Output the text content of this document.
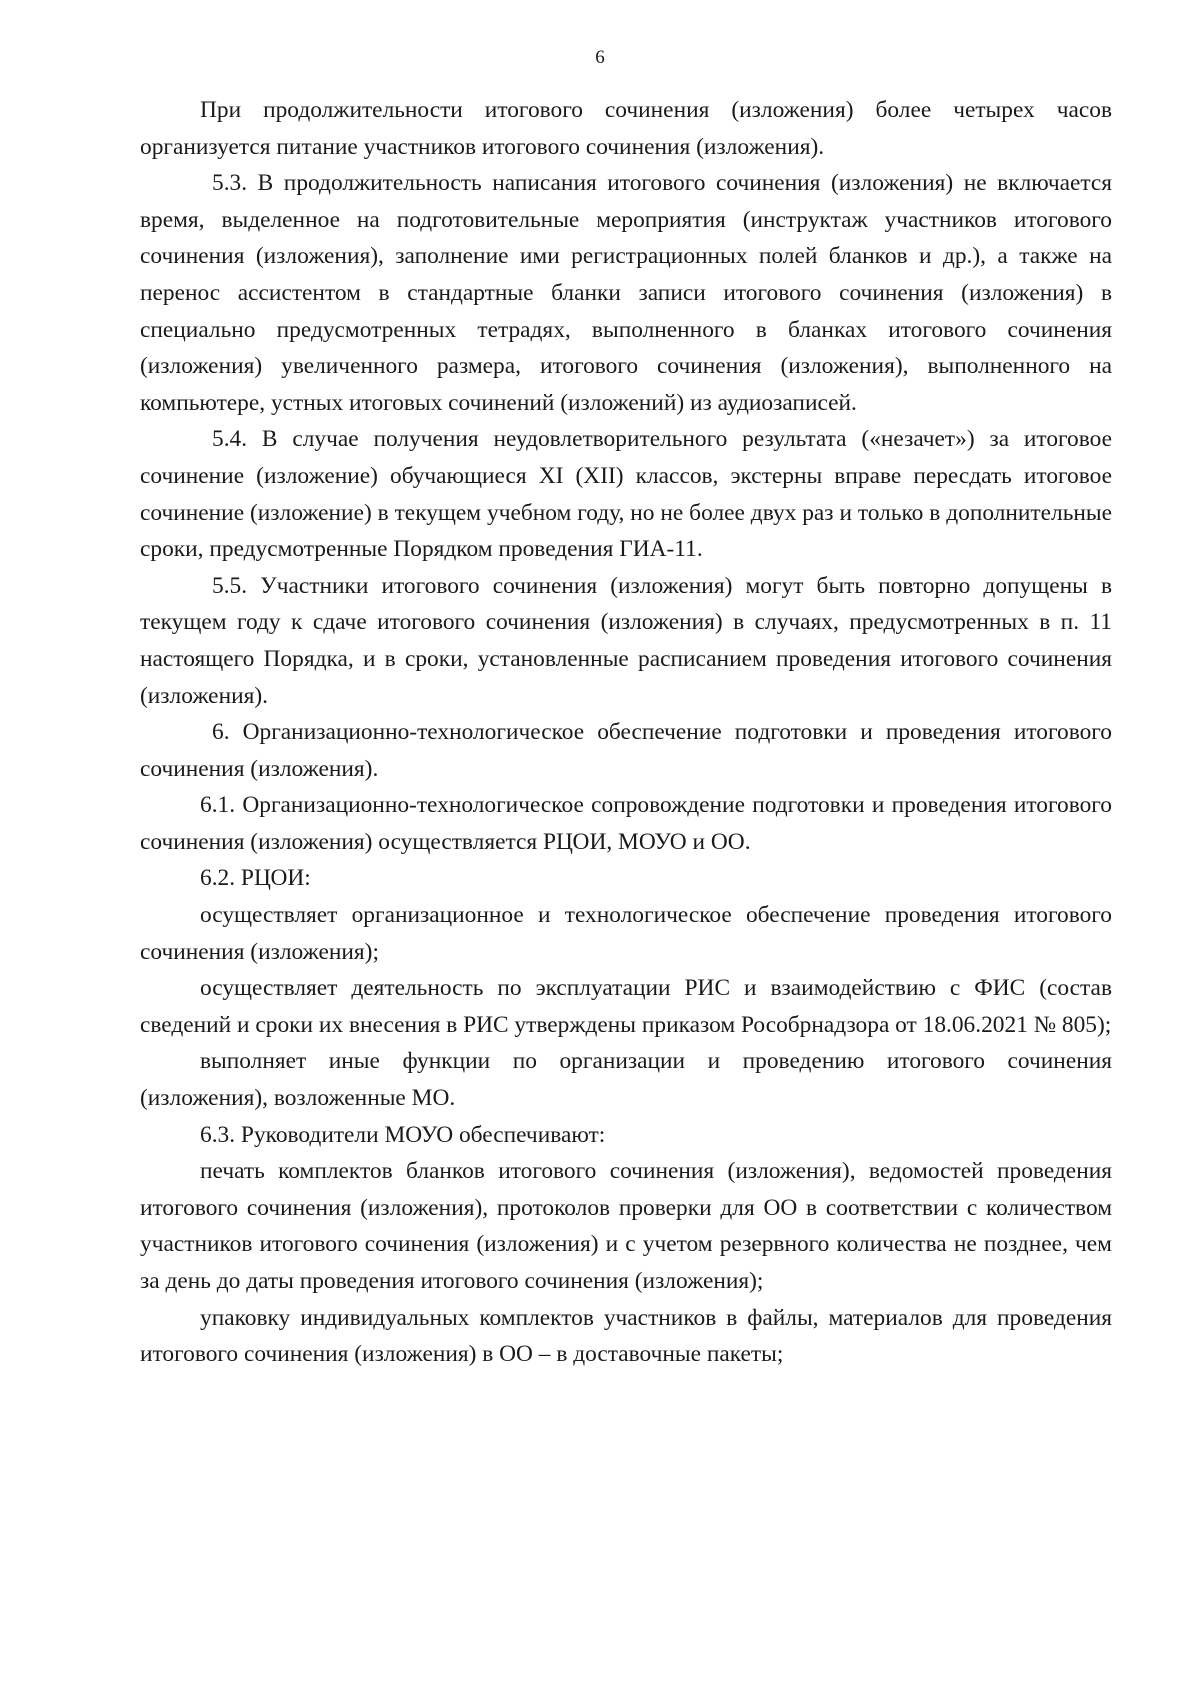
6

При продолжительности итогового сочинения (изложения) более четырех часов организуется питание участников итогового сочинения (изложения).

5.3. В продолжительность написания итогового сочинения (изложения) не включается время, выделенное на подготовительные мероприятия (инструктаж участников итогового сочинения (изложения), заполнение ими регистрационных полей бланков и др.), а также на перенос ассистентом в стандартные бланки записи итогового сочинения (изложения) в специально предусмотренных тетрадях, выполненного в бланках итогового сочинения (изложения) увеличенного размера, итогового сочинения (изложения), выполненного на компьютере, устных итоговых сочинений (изложений) из аудиозаписей.

5.4. В случае получения неудовлетворительного результата («незачет») за итоговое сочинение (изложение) обучающиеся XI (XII) классов, экстерны вправе пересдать итоговое сочинение (изложение) в текущем учебном году, но не более двух раз и только в дополнительные сроки, предусмотренные Порядком проведения ГИА-11.

5.5. Участники итогового сочинения (изложения) могут быть повторно допущены в текущем году к сдаче итогового сочинения (изложения) в случаях, предусмотренных в п. 11 настоящего Порядка, и в сроки, установленные расписанием проведения итогового сочинения (изложения).

6. Организационно-технологическое обеспечение подготовки и проведения итогового сочинения (изложения).

6.1. Организационно-технологическое сопровождение подготовки и проведения итогового сочинения (изложения) осуществляется РЦОИ, МОУО и ОО.

6.2. РЦОИ:

осуществляет организационное и технологическое обеспечение проведения итогового сочинения (изложения);

осуществляет деятельность по эксплуатации РИС и взаимодействию с ФИС (состав сведений и сроки их внесения в РИС утверждены приказом Рособрнадзора от 18.06.2021 № 805);

выполняет иные функции по организации и проведению итогового сочинения (изложения), возложенные МО.

6.3. Руководители МОУО обеспечивают:

печать комплектов бланков итогового сочинения (изложения), ведомостей проведения итогового сочинения (изложения), протоколов проверки для ОО в соответствии с количеством участников итогового сочинения (изложения) и с учетом резервного количества не позднее, чем за день до даты проведения итогового сочинения (изложения);

упаковку индивидуальных комплектов участников в файлы, материалов для проведения итогового сочинения (изложения) в ОО – в доставочные пакеты;
